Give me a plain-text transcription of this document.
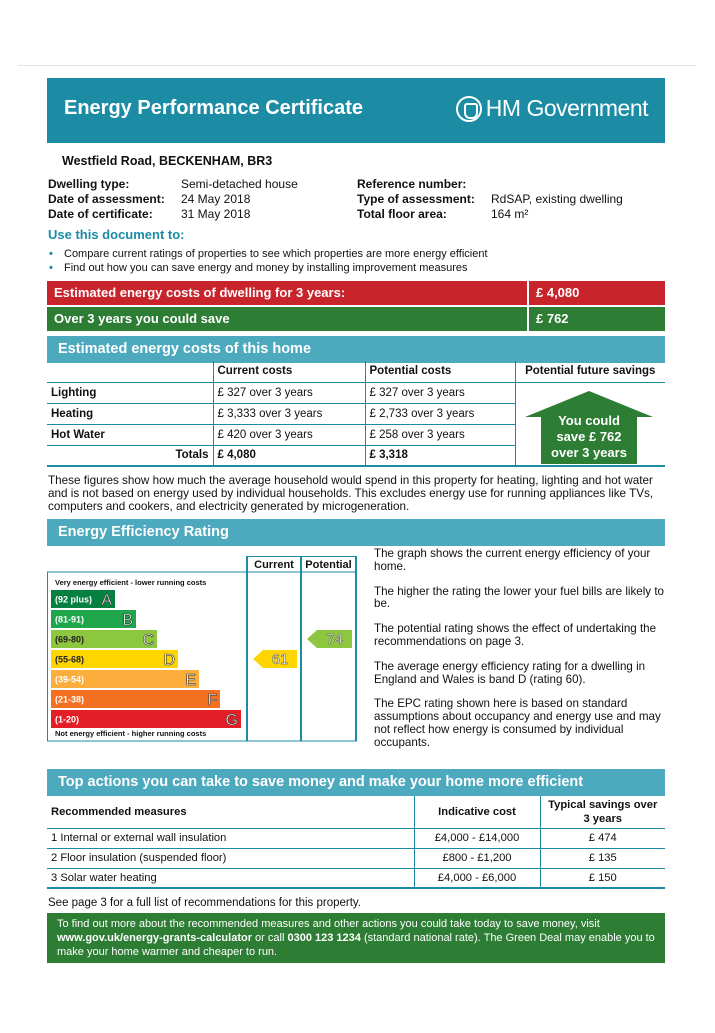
Energy Performance Certificate	HM Government
Westfield Road, BECKENHAM, BR3
Dwelling type:	Semi-detached house
Date of assessment: 24 May 2018
Date of certificate: 31 May 2018
Reference number:
Type of assessment: RdSAP, existing dwelling
Total floor area:	164 m²
Use this document to:
• Compare current ratings of properties to see which properties are more energy efficient
• Find out how you can save energy and money by installing improvement measures
Estimated energy costs of dwelling for 3 years:	£ 4,080
Over 3 years you could save	£ 762
Estimated energy costs of this home
	Current costs	Potential costs	Potential future savings
Lighting	£ 327 over 3 years	£ 327 over 3 years	
Heating	£ 3,333 over 3 years	£ 2,733 over 3 years	
Hot Water	£ 420 over 3 years	£ 258 over 3 years	
Totals	£ 4,080	£ 3,318	
You could
save £ 762
over 3 years
These figures show how much the average household would spend in this property for heating, lighting and hot water and is not based on energy used by individual households. This excludes energy use for running appliances like TVs, computers and cookers, and electricity generated by microgeneration.
Energy Efficiency Rating
Current Potential
Very energy efficient - lower running costs
Not energy efficient - higher running costs
(92 plus) A
(81-91) B
(69-80)	C
(55-68)	D
(39-54)	E
(21-38)	F
(1-20)	G
61
74

The graph shows the current energy efficiency of your home.

The higher the rating the lower your fuel bills are likely to be.

The potential rating shows the effect of undertaking the recommendations on page 3.

The average energy efficiency rating for a dwelling in England and Wales is band D (rating 60).

The EPC rating shown here is based on standard assumptions about occupancy and energy use and may not reflect how energy is consumed by individual occupants.

Top actions you can take to save money and make your home more efficient
Recommended measures	Indicative cost	Typical savings over 3 years
1 Internal or external wall insulation	£4,000 - £14,000	£ 474
2 Floor insulation (suspended floor)	£800 - £1,200	£ 135
3 Solar water heating	£4,000 - £6,000	£ 150
See page 3 for a full list of recommendations for this property.
To find out more about the recommended measures and other actions you could take today to save money, visit www.gov.uk/energy-grants-calculator or call 0300 123 1234 (standard national rate). The Green Deal may enable you to make your home warmer and cheaper to run.
